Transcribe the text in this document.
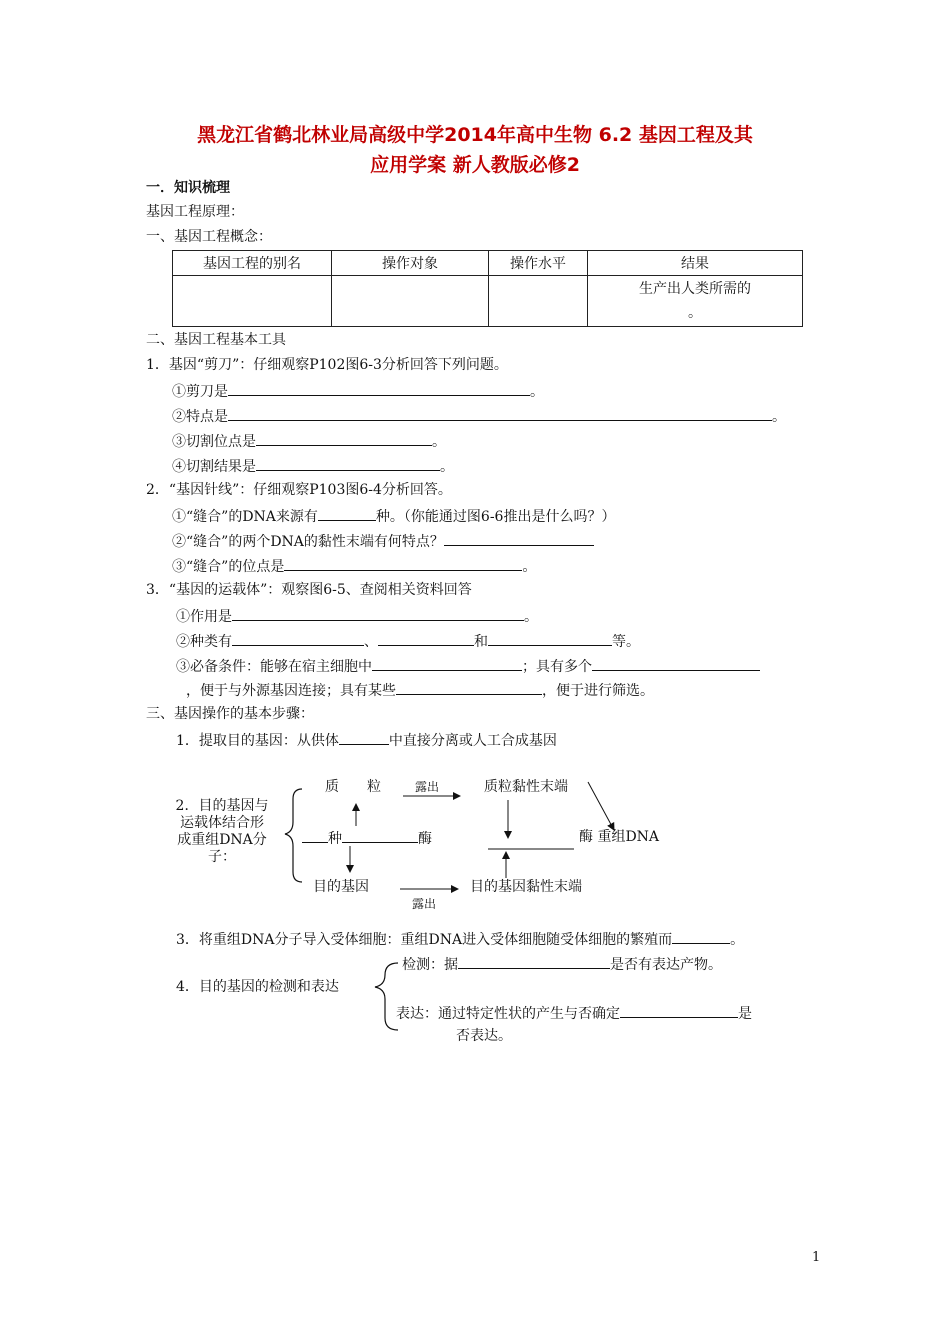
黑龙江省鹤北林业局高级中学2014年高中生物 6.2 基因工程及其
应用学案 新人教版必修2
一．知识梳理
基因工程原理：
一、基因工程概念：
基因工程的别名	操作对象	操作水平	结果

			生产出人类所需的
。
二、基因工程基本工具
1．基因“剪刀”：仔细观察P102图6-3分析回答下列问题。
①剪刀是	。
②特点是	。
③切割位点是	。
④切割结果是	。
2．“基因针线”：仔细观察P103图6-4分析回答。
①“缝合”的DNA来源有	种。（你能通过图6-6推出是什么吗？）
②“缝合”的两个DNA的黏性末端有何特点？
③“缝合”的位点是	。
3．“基因的运载体”：观察图6-5、查阅相关资料回答
①作用是	。
②种类有	、	和	等。
③必备条件：能够在宿主细胞中	；具有多个
，便于与外源基因连接；具有某些	，便于进行筛选。
三、基因操作的基本步骤：
1．提取目的基因：从供体	中直接分离或人工合成基因
2．目的基因与
运载体结合形
成重组DNA分
子：
质　　粒	露出	质粒黏性末端
种	酶	酶 重组DNA
目的基因	目的基因黏性末端
露出
3．将重组DNA分子导入受体细胞：重组DNA进入受体细胞随受体细胞的繁殖而	。
4．目的基因的检测和表达
检测：据	是否有表达产物。
表达：通过特定性状的产生与否确定	是
否表达。
1
